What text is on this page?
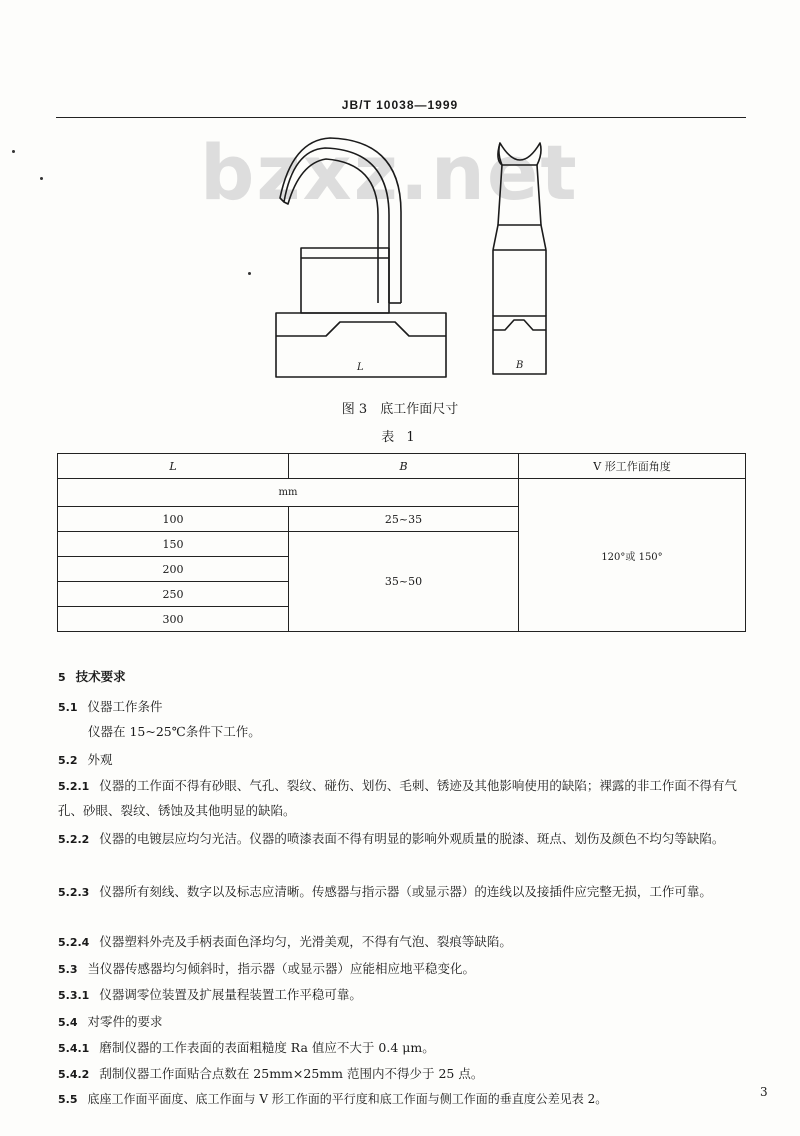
JB/T 10038—1999
bzxz.net
L	B
图 3　底工作面尺寸
表 1
L	B	V 形工作面角度
mm		120°或 150°
100	25~35	
150	35~50	
200		
250		
300		
5 技术要求
5.1 仪器工作条件
仪器在 15~25℃条件下工作。
5.2 外观
5.2.1 仪器的工作面不得有砂眼、气孔、裂纹、碰伤、划伤、毛刺、锈迹及其他影响使用的缺陷；裸露的非工作面不得有气孔、砂眼、裂纹、锈蚀及其他明显的缺陷。
5.2.2 仪器的电镀层应均匀光洁。仪器的喷漆表面不得有明显的影响外观质量的脱漆、斑点、划伤及颜色不均匀等缺陷。
5.2.3 仪器所有刻线、数字以及标志应清晰。传感器与指示器（或显示器）的连线以及接插件应完整无损，工作可靠。
5.2.4 仪器塑料外壳及手柄表面色泽均匀，光滑美观，不得有气泡、裂痕等缺陷。
5.3 当仪器传感器均匀倾斜时，指示器（或显示器）应能相应地平稳变化。
5.3.1 仪器调零位装置及扩展量程装置工作平稳可靠。
5.4 对零件的要求
5.4.1 磨制仪器的工作表面的表面粗糙度 Ra 值应不大于 0.4 μm。
5.4.2 刮制仪器工作面贴合点数在 25mm×25mm 范围内不得少于 25 点。
5.5 底座工作面平面度、底工作面与 V 形工作面的平行度和底工作面与侧工作面的垂直度公差见表 2。	3
